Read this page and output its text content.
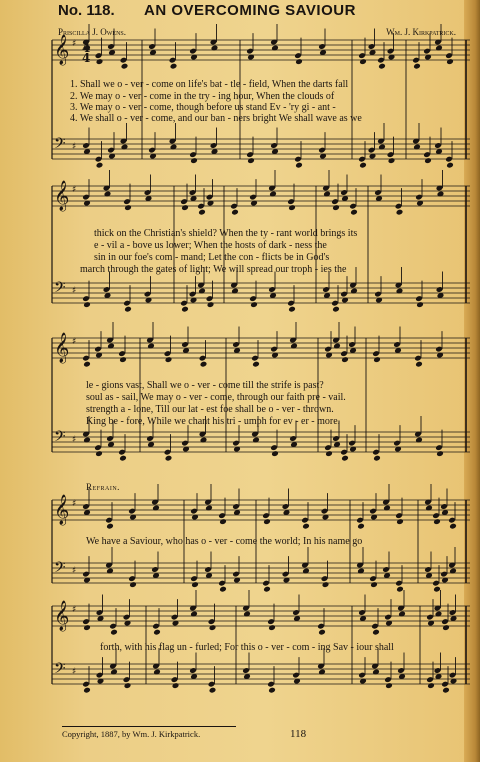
No. 118. AN OVERCOMING SAVIOUR
Priscilla J. Owens.	Wm. J. Kirkpatrick.
𝄞 ♯
𝄢 ♯
𝄞 ♯
𝄢 ♯
𝄞 ♯
𝄢 ♯
𝄞 ♯
𝄢 ♯
𝄞 ♯
𝄢 ♯
4
4
1. Shall we o - ver - come on life's bat - tle - field, When the darts fall
2. We may o - ver - come in the try - ing hour, When the clouds of
3. We may o - ver - come, though before us stand Ev - 'ry gi - ant -
4. We shall o - ver - come, and our ban - ners bright We shall wave as we
thick on the Christian's shield? When the ty - rant world brings its
e - vil a - bove us lower; When the hosts of dark - ness the
sin in our foe's com - mand; Let the con - flicts be in God's
march through the gates of light; We will spread our troph - ies the
le - gions vast, Shall we o - ver - come till the strife is past?
soul as - sail, We may o - ver - come, through our faith pre - vail.
strength a - lone, Till our lat - est foe shall be o - ver - thrown.
King be - fore, While we chant his tri - umph for ev - er - more.
Refrain.
We have a Saviour, who has o - ver - come the world; In his name go
forth, with his flag un - furled; For this o - ver - com - ing Sav - iour shall
Copyright, 1887, by Wm. J. Kirkpatrick.	118
